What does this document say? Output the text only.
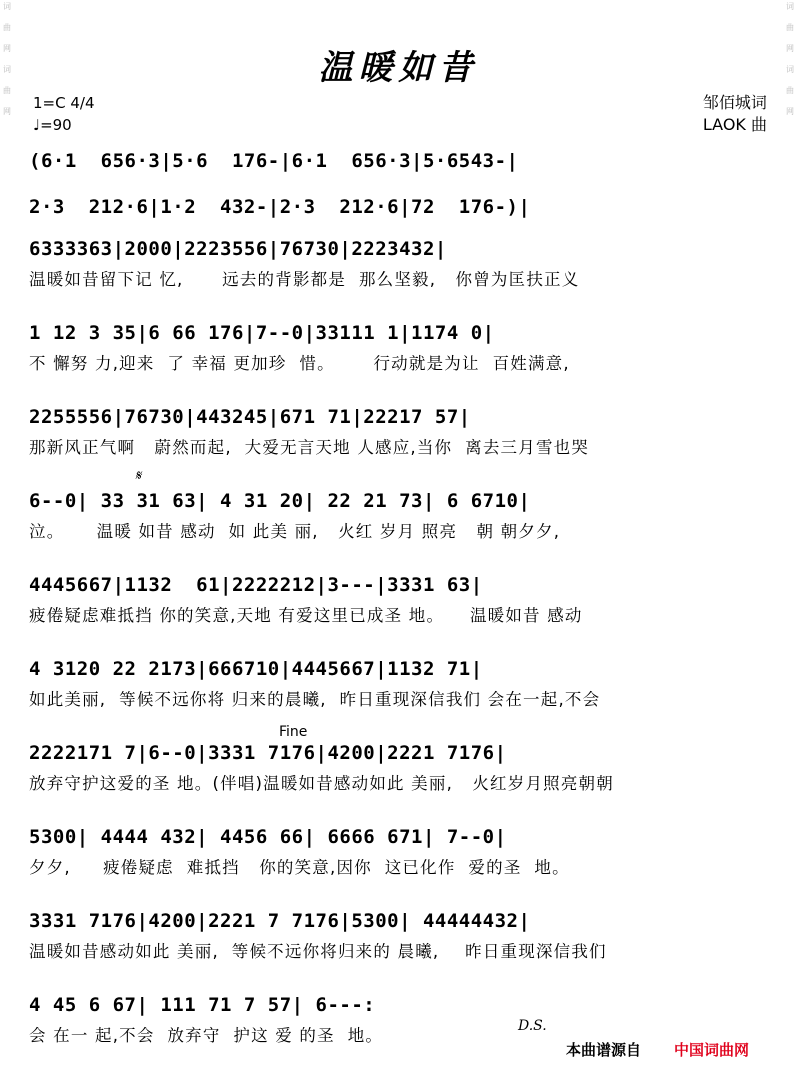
词
曲
网
词
曲
网
词
曲
网
词
曲
网
温暖如昔
1=C 4/4
♩=90
邹佰城词
LAOK 曲
(6·1  656·3|5·6  176-|6·1  656·3|5·6543-|
2·3  212·6|1·2  432-|2·3  212·6|72  176-)|
6333363|2000|2223556|76730|2223432|
温暖如昔留下记 忆,      远去的背影都是  那么坚毅,   你曾为匡扶正义
1 12 3 35|6 66 176|7--0|33111 1|1174 0|
不 懈努 力,迎来  了 幸福 更加珍  惜。      行动就是为让  百姓满意,
2255556|76730|443245|671 71|22217 57|
那新风正气啊   蔚然而起,  大爱无言天地 人感应,当你  离去三月雪也哭
6--0| 33 31 63| 4 31 20| 22 21 73| 6 6710|
泣。     温暖 如昔 感动  如 此美 丽,   火红 岁月 照亮   朝 朝夕夕,
4445667|1132  61|2222212|3---|3331 63|
疲倦疑虑难抵挡 你的笑意,天地 有爱这里已成圣 地。    温暖如昔 感动
4 3120 22 2173|666710|4445667|1132 71|
如此美丽,  等候不远你将 归来的晨曦,  昨日重现深信我们 会在一起,不会
2222171 7|6--0|3331 7176|4200|2221 7176|
放弃守护这爱的圣 地。(伴唱)温暖如昔感动如此 美丽,   火红岁月照亮朝朝
5300| 4444 432| 4456 66| 6666 671| 7--0|
夕夕,     疲倦疑虑  难抵挡   你的笑意,因你  这已化作  爱的圣  地。
3331 7176|4200|2221 7 7176|5300| 44444432|
温暖如昔感动如此 美丽,  等候不远你将归来的 晨曦,    昨日重现深信我们
4 45 6 67| 111 71 7 57| 6---:
会 在一 起,不会  放弃守  护这 爱 的圣  地。
𝄋
Fine
D.S.
本曲谱源自 中国词曲网
